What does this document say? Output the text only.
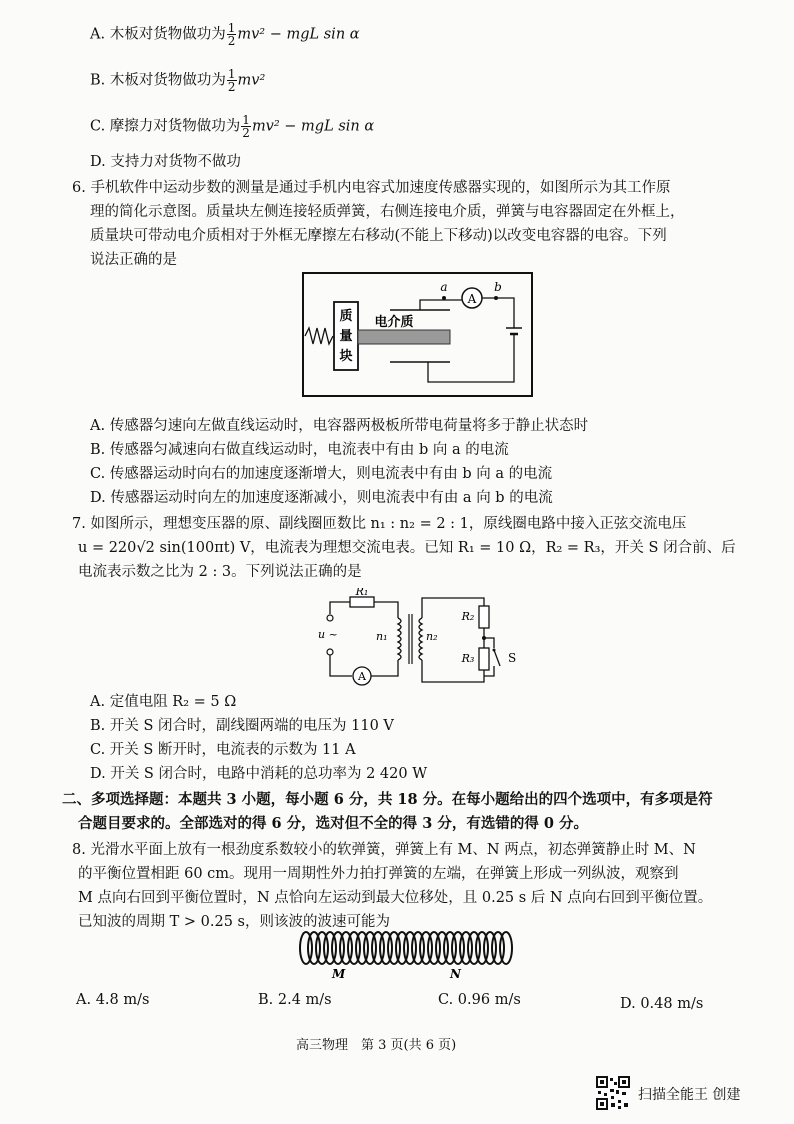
A. 木板对货物做功为 $\frac{1}{2} mv^2$ − mgL sin α
B. 木板对货物做功为 $\frac{1}{2} mv^2$
C. 摩擦力对货物做功为 $\frac{1}{2} mv^2$ − mgL sin α
D. 支持力对货物不做功
6. 手机软件中运动步数的测量是通过手机内电容式加速度传感器实现的，如图所示为其工作原
理的简化示意图。质量块左侧连接轻质弹簧，右侧连接电介质，弹簧与电容器固定在外框上，
质量块可带动电介质相对于外框无摩擦左右移动(不能上下移动)以改变电容器的电容。下列
说法正确的是
质
量
块
电介质
A
a	b
A. 传感器匀速向左做直线运动时，电容器两极板所带电荷量将多于静止状态时
B. 传感器匀减速向右做直线运动时，电流表中有由 b 向 a 的电流
C. 传感器运动时向右的加速度逐渐增大，则电流表中有由 b 向 a 的电流
D. 传感器运动时向左的加速度逐渐减小，则电流表中有由 a 向 b 的电流
7. 如图所示，理想变压器的原、副线圈匝数比 n₁ : n₂ = 2 : 1，原线圈电路中接入正弦交流电压
u = 220√2 sin(100πt) V，电流表为理想交流电表。已知 R₁ = 10 Ω，R₂ = R₃，开关 S 闭合前、后
电流表示数之比为 2 : 3。下列说法正确的是
R₁
u ~
A
n₁	n₂
R₂
R₃	S
A. 定值电阻 R₂ = 5 Ω
B. 开关 S 闭合时，副线圈两端的电压为 110 V
C. 开关 S 断开时，电流表的示数为 11 A
D. 开关 S 闭合时，电路中消耗的总功率为 2 420 W
二、多项选择题：本题共 3 小题，每小题 6 分，共 18 分。在每小题给出的四个选项中，有多项是符
合题目要求的。全部选对的得 6 分，选对但不全的得 3 分，有选错的得 0 分。
8. 光滑水平面上放有一根劲度系数较小的软弹簧，弹簧上有 M、N 两点，初态弹簧静止时 M、N
的平衡位置相距 60 cm。现用一周期性外力拍打弹簧的左端，在弹簧上形成一列纵波，观察到
M 点向右回到平衡位置时，N 点恰向左运动到最大位移处，且 0.25 s 后 N 点向右回到平衡位置。
已知波的周期 T > 0.25 s，则该波的波速可能为
M	N
A. 4.8 m/s	B. 2.4 m/s	C. 0.96 m/s	D. 0.48 m/s
高三物理　第 3 页(共 6 页)
扫描全能王 创建
